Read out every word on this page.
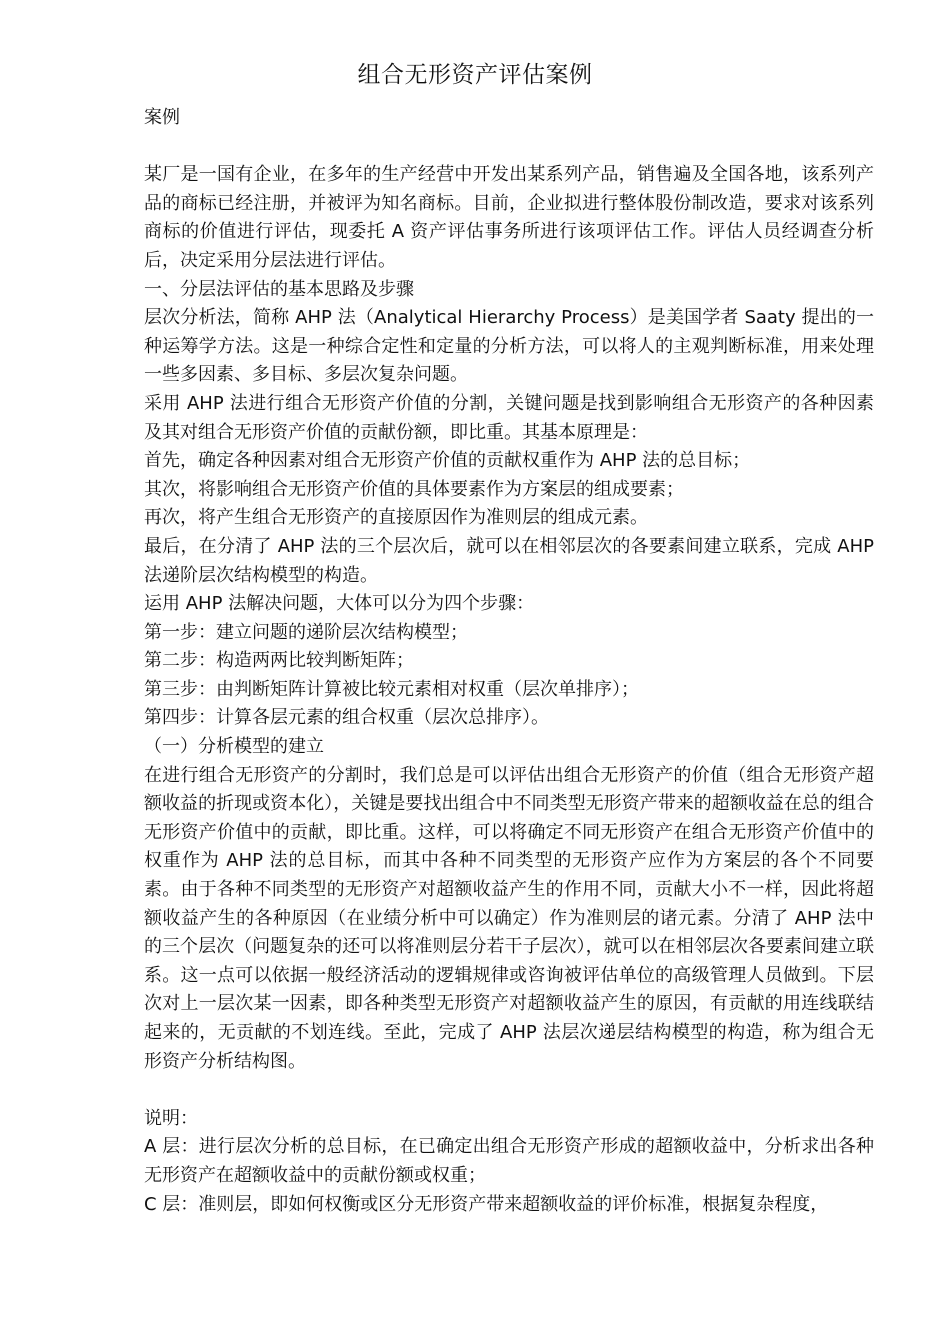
组合无形资产评估案例

案例

某厂是一国有企业，在多年的生产经营中开发出某系列产品，销售遍及全国各地，该系列产品的商标已经注册，并被评为知名商标。目前，企业拟进行整体股份制改造，要求对该系列商标的价值进行评估，现委托 A 资产评估事务所进行该项评估工作。评估人员经调查分析后，决定采用分层法进行评估。

一、分层法评估的基本思路及步骤

层次分析法，简称 AHP 法（Analytical Hierarchy Process）是美国学者 Saaty 提出的一种运筹学方法。这是一种综合定性和定量的分析方法，可以将人的主观判断标准，用来处理一些多因素、多目标、多层次复杂问题。

采用 AHP 法进行组合无形资产价值的分割，关键问题是找到影响组合无形资产的各种因素及其对组合无形资产价值的贡献份额，即比重。其基本原理是：

首先，确定各种因素对组合无形资产价值的贡献权重作为 AHP 法的总目标；

其次，将影响组合无形资产价值的具体要素作为方案层的组成要素；

再次，将产生组合无形资产的直接原因作为准则层的组成元素。

最后，在分清了 AHP 法的三个层次后，就可以在相邻层次的各要素间建立联系，完成 AHP 法递阶层次结构模型的构造。

运用 AHP 法解决问题，大体可以分为四个步骤：

第一步：建立问题的递阶层次结构模型；

第二步：构造两两比较判断矩阵；

第三步：由判断矩阵计算被比较元素相对权重（层次单排序）；

第四步：计算各层元素的组合权重（层次总排序）。

（一）分析模型的建立

在进行组合无形资产的分割时，我们总是可以评估出组合无形资产的价值（组合无形资产超额收益的折现或资本化），关键是要找出组合中不同类型无形资产带来的超额收益在总的组合无形资产价值中的贡献，即比重。这样，可以将确定不同无形资产在组合无形资产价值中的权重作为 AHP 法的总目标，而其中各种不同类型的无形资产应作为方案层的各个不同要素。由于各种不同类型的无形资产对超额收益产生的作用不同，贡献大小不一样，因此将超额收益产生的各种原因（在业绩分析中可以确定）作为准则层的诸元素。分清了 AHP 法中的三个层次（问题复杂的还可以将准则层分若干子层次），就可以在相邻层次各要素间建立联系。这一点可以依据一般经济活动的逻辑规律或咨询被评估单位的高级管理人员做到。下层次对上一层次某一因素，即各种类型无形资产对超额收益产生的原因，有贡献的用连线联结起来的，无贡献的不划连线。至此，完成了 AHP 法层次递层结构模型的构造，称为组合无形资产分析结构图。

说明：

A 层：进行层次分析的总目标，在已确定出组合无形资产形成的超额收益中，分析求出各种无形资产在超额收益中的贡献份额或权重；

C 层：准则层，即如何权衡或区分无形资产带来超额收益的评价标准，根据复杂程度，
